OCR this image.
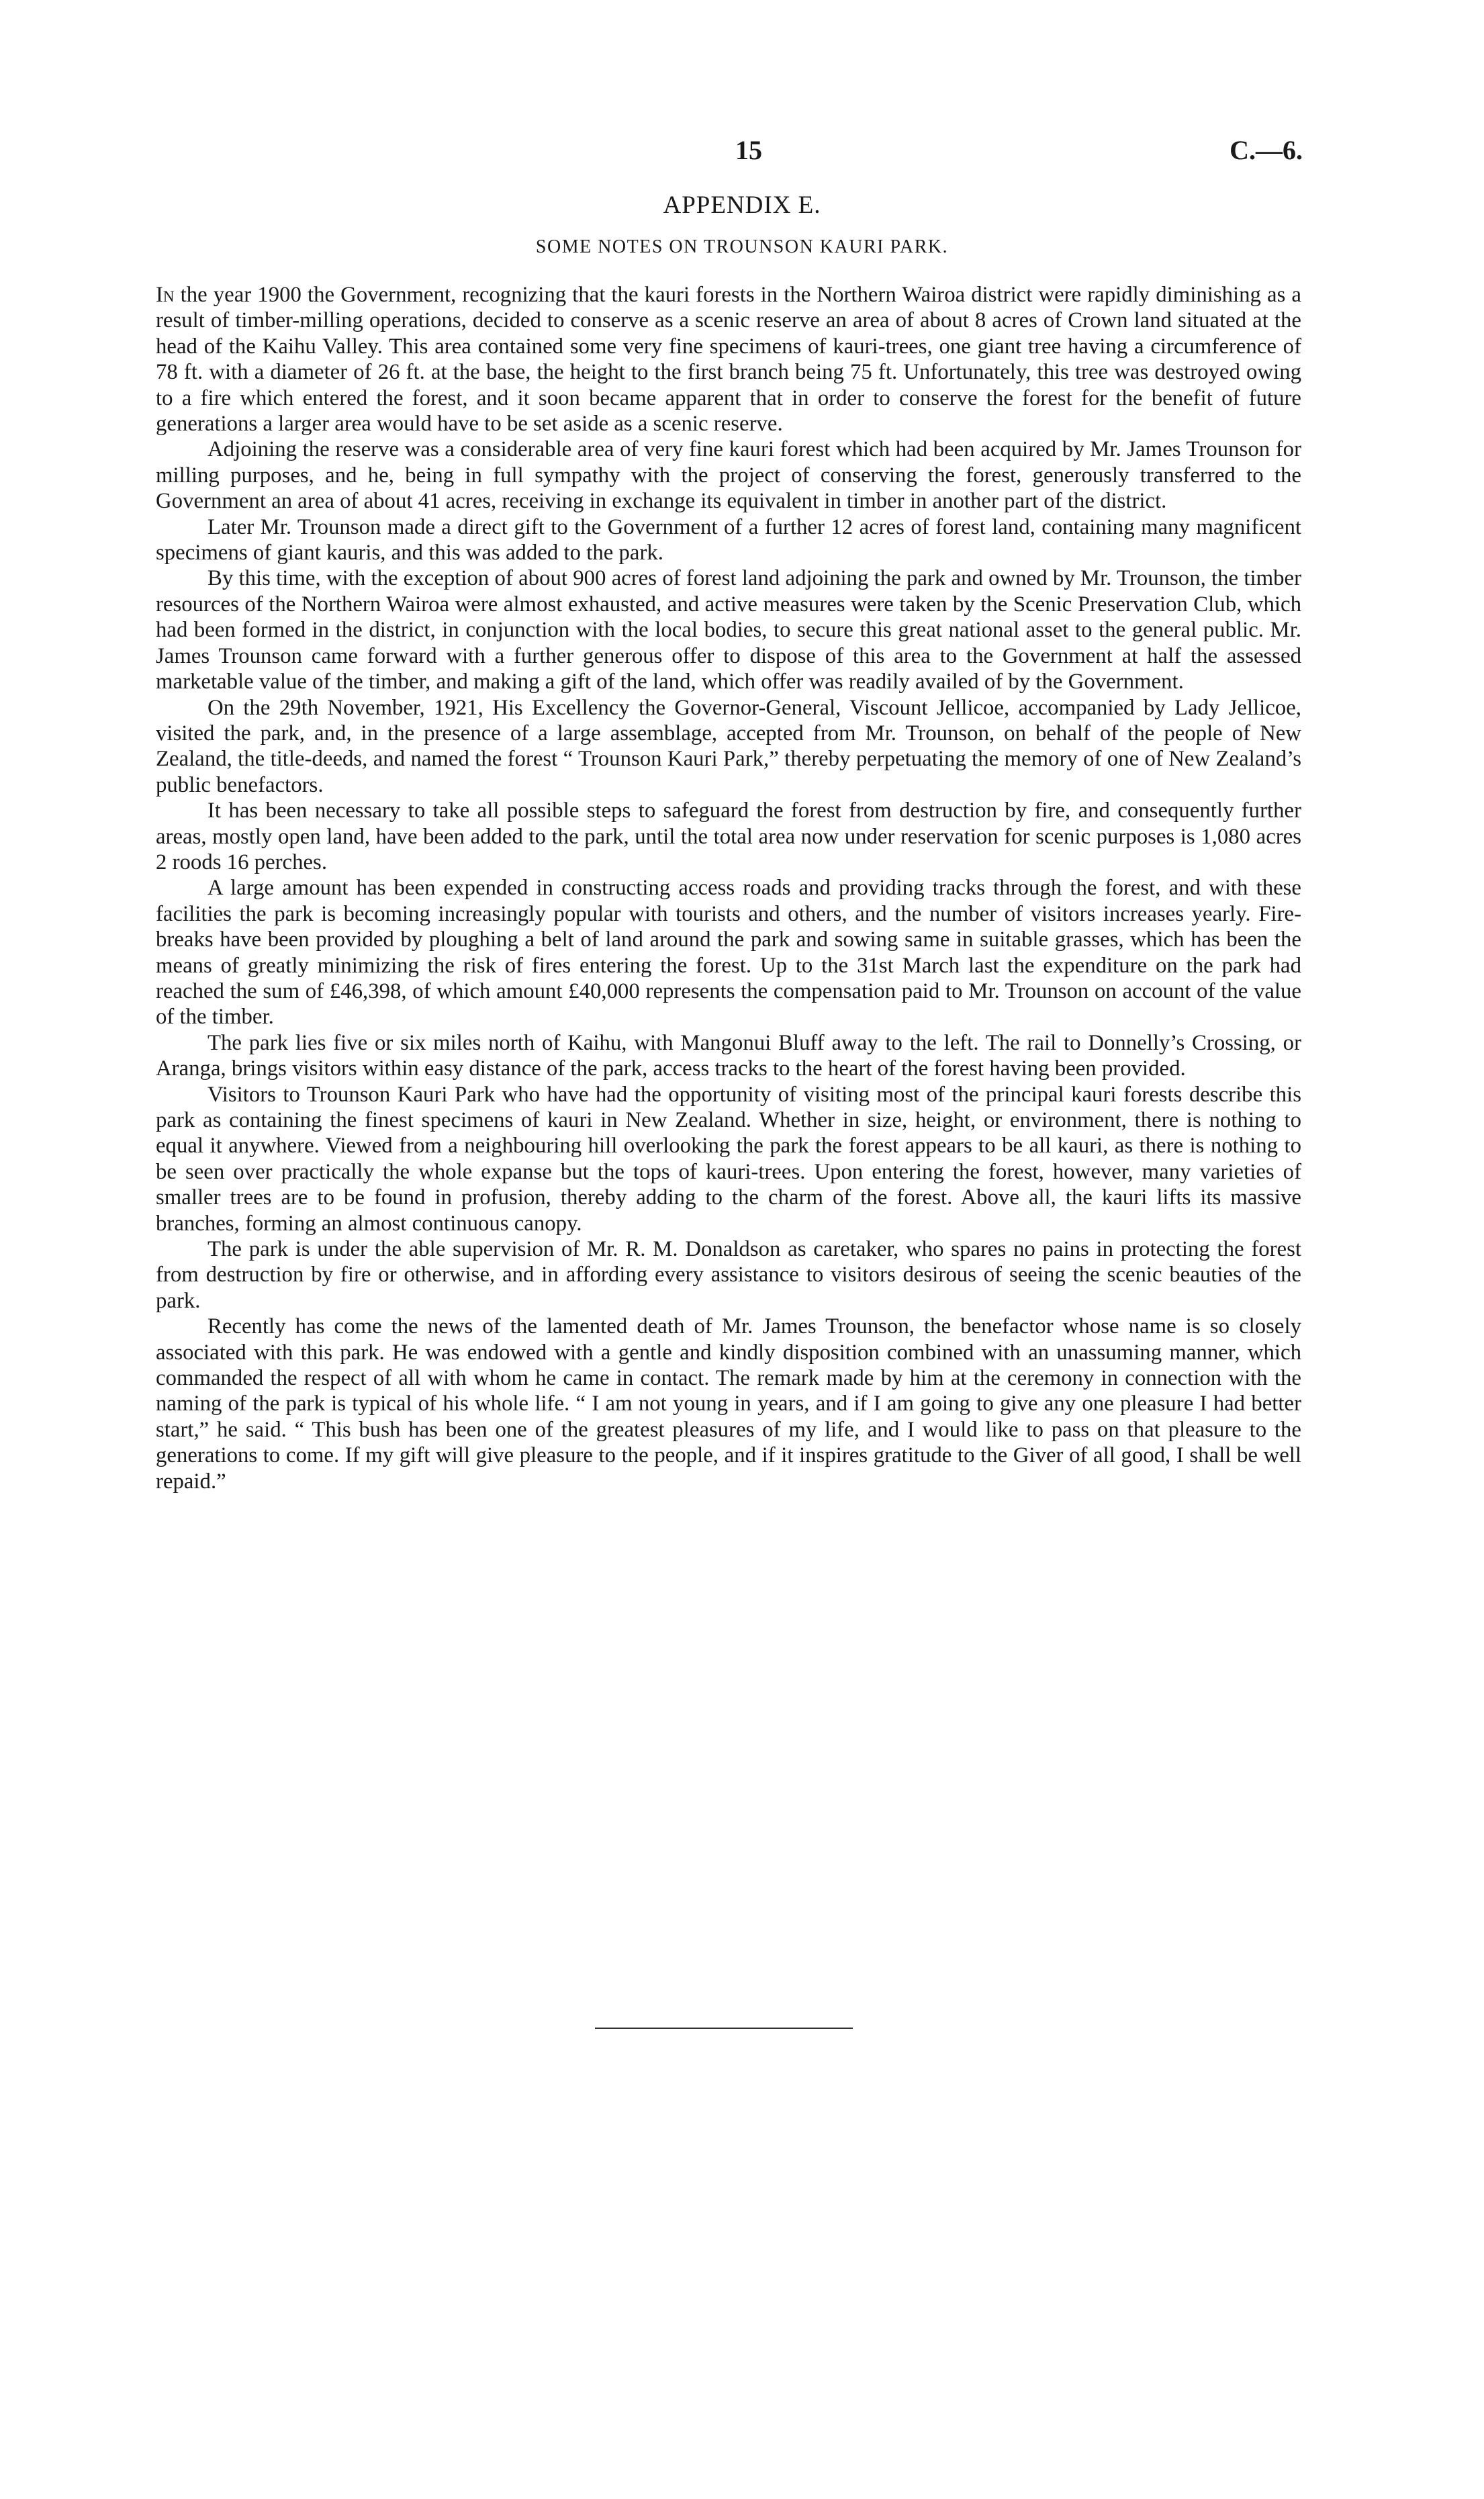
15	C.—6.
APPENDIX E.
SOME NOTES ON TROUNSON KAURI PARK.

In the year 1900 the Government, recognizing that the kauri forests in the Northern Wairoa district were rapidly diminishing as a result of timber-milling operations, decided to conserve as a scenic reserve an area of about 8 acres of Crown land situated at the head of the Kaihu Valley. This area contained some very fine specimens of kauri-trees, one giant tree having a circumference of 78 ft. with a diameter of 26 ft. at the base, the height to the first branch being 75 ft. Unfortunately, this tree was destroyed owing to a fire which entered the forest, and it soon became apparent that in order to conserve the forest for the benefit of future generations a larger area would have to be set aside as a scenic reserve.

Adjoining the reserve was a considerable area of very fine kauri forest which had been acquired by Mr. James Trounson for milling purposes, and he, being in full sympathy with the project of conserving the forest, generously transferred to the Government an area of about 41 acres, receiving in exchange its equivalent in timber in another part of the district.

Later Mr. Trounson made a direct gift to the Government of a further 12 acres of forest land, containing many magnificent specimens of giant kauris, and this was added to the park.

By this time, with the exception of about 900 acres of forest land adjoining the park and owned by Mr. Trounson, the timber resources of the Northern Wairoa were almost exhausted, and active measures were taken by the Scenic Preservation Club, which had been formed in the district, in conjunction with the local bodies, to secure this great national asset to the general public. Mr. James Trounson came forward with a further generous offer to dispose of this area to the Government at half the assessed marketable value of the timber, and making a gift of the land, which offer was readily availed of by the Government.

On the 29th November, 1921, His Excellency the Governor-General, Viscount Jellicoe, accompanied by Lady Jellicoe, visited the park, and, in the presence of a large assemblage, accepted from Mr. Trounson, on behalf of the people of New Zealand, the title-deeds, and named the forest “ Trounson Kauri Park,” thereby perpetuating the memory of one of New Zealand’s public benefactors.

It has been necessary to take all possible steps to safeguard the forest from destruction by fire, and consequently further areas, mostly open land, have been added to the park, until the total area now under reservation for scenic purposes is 1,080 acres 2 roods 16 perches.

A large amount has been expended in constructing access roads and providing tracks through the forest, and with these facilities the park is becoming increasingly popular with tourists and others, and the number of visitors increases yearly. Fire-breaks have been provided by ploughing a belt of land around the park and sowing same in suitable grasses, which has been the means of greatly minimizing the risk of fires entering the forest. Up to the 31st March last the expenditure on the park had reached the sum of £46,398, of which amount £40,000 represents the compensation paid to Mr. Trounson on account of the value of the timber.

The park lies five or six miles north of Kaihu, with Mangonui Bluff away to the left. The rail to Donnelly’s Crossing, or Aranga, brings visitors within easy distance of the park, access tracks to the heart of the forest having been provided.

Visitors to Trounson Kauri Park who have had the opportunity of visiting most of the principal kauri forests describe this park as containing the finest specimens of kauri in New Zealand. Whether in size, height, or environment, there is nothing to equal it anywhere. Viewed from a neighbouring hill overlooking the park the forest appears to be all kauri, as there is nothing to be seen over practically the whole expanse but the tops of kauri-trees. Upon entering the forest, however, many varieties of smaller trees are to be found in profusion, thereby adding to the charm of the forest. Above all, the kauri lifts its massive branches, forming an almost continuous canopy.

The park is under the able supervision of Mr. R. M. Donaldson as caretaker, who spares no pains in protecting the forest from destruction by fire or otherwise, and in affording every assistance to visitors desirous of seeing the scenic beauties of the park.

Recently has come the news of the lamented death of Mr. James Trounson, the benefactor whose name is so closely associated with this park. He was endowed with a gentle and kindly disposition combined with an unassuming manner, which commanded the respect of all with whom he came in contact. The remark made by him at the ceremony in connection with the naming of the park is typical of his whole life. “ I am not young in years, and if I am going to give any one pleasure I had better start,” he said. “ This bush has been one of the greatest pleasures of my life, and I would like to pass on that pleasure to the generations to come. If my gift will give pleasure to the people, and if it inspires gratitude to the Giver of all good, I shall be well repaid.”
